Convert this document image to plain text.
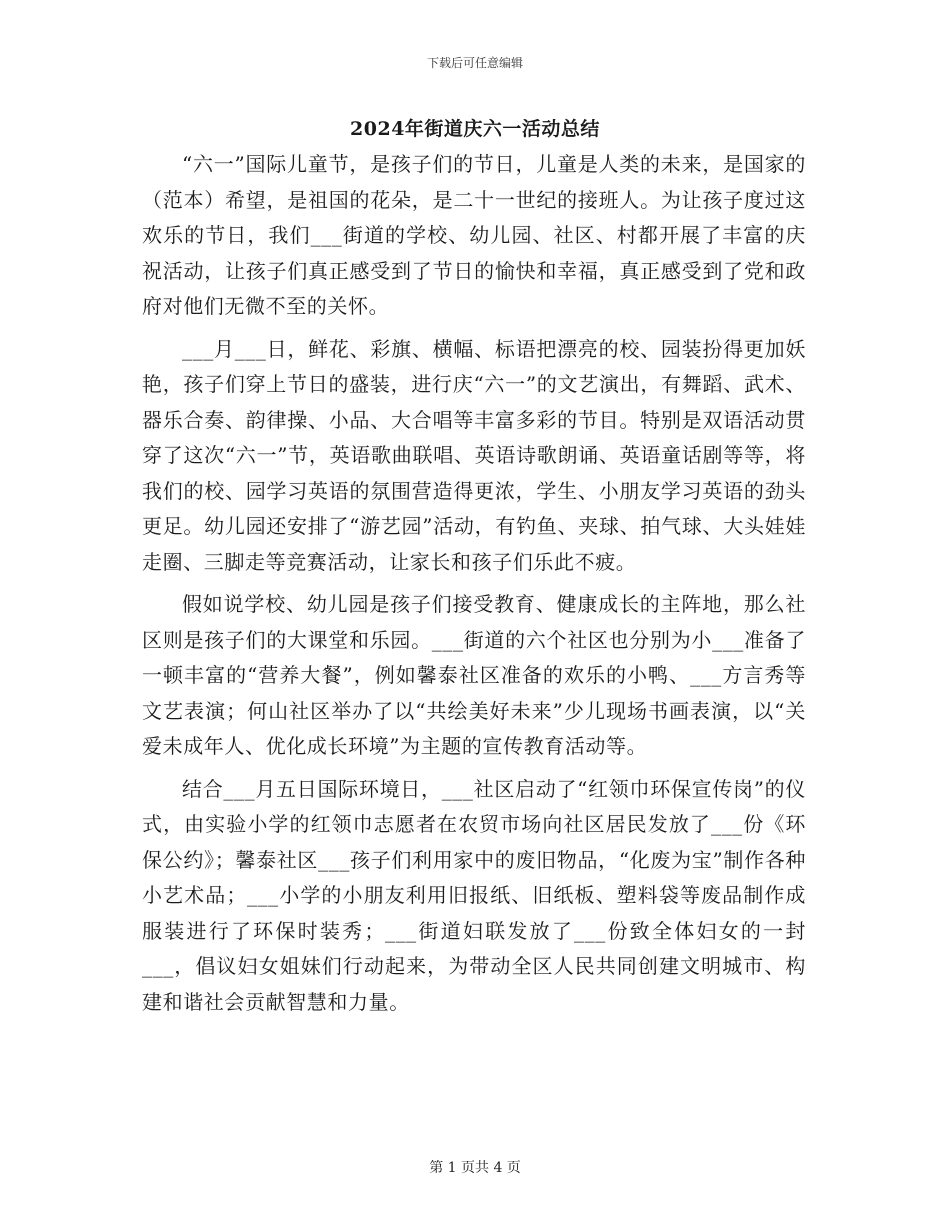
下载后可任意编辑
2024年街道庆六一活动总结

“六一”国际儿童节，是孩子们的节日，儿童是人类的未来，是国家的（范本）希望，是祖国的花朵，是二十一世纪的接班人。为让孩子度过这欢乐的节日，我们___街道的学校、幼儿园、社区、村都开展了丰富的庆祝活动，让孩子们真正感受到了节日的愉快和幸福，真正感受到了党和政府对他们无微不至的关怀。

___月___日，鲜花、彩旗、横幅、标语把漂亮的校、园装扮得更加妖艳，孩子们穿上节日的盛装，进行庆“六一”的文艺演出，有舞蹈、武术、器乐合奏、韵律操、小品、大合唱等丰富多彩的节目。特别是双语活动贯穿了这次“六一”节，英语歌曲联唱、英语诗歌朗诵、英语童话剧等等，将我们的校、园学习英语的氛围营造得更浓，学生、小朋友学习英语的劲头更足。幼儿园还安排了“游艺园”活动，有钓鱼、夹球、拍气球、大头娃娃走圈、三脚走等竞赛活动，让家长和孩子们乐此不疲。

假如说学校、幼儿园是孩子们接受教育、健康成长的主阵地，那么社区则是孩子们的大课堂和乐园。___街道的六个社区也分别为小___准备了一顿丰富的“营养大餐”，例如馨泰社区准备的欢乐的小鸭、___方言秀等文艺表演；何山社区举办了以“共绘美好未来”少儿现场书画表演，以“关爱未成年人、优化成长环境”为主题的宣传教育活动等。

结合___月五日国际环境日，___社区启动了“红领巾环保宣传岗”的仪式，由实验小学的红领巾志愿者在农贸市场向社区居民发放了___份《环保公约》；馨泰社区___孩子们利用家中的废旧物品，“化废为宝”制作各种小艺术品；___小学的小朋友利用旧报纸、旧纸板、塑料袋等废品制作成服装进行了环保时装秀；___街道妇联发放了___份致全体妇女的一封___，倡议妇女姐妹们行动起来，为带动全区人民共同创建文明城市、构建和谐社会贡献智慧和力量。

第 1 页共 4 页
